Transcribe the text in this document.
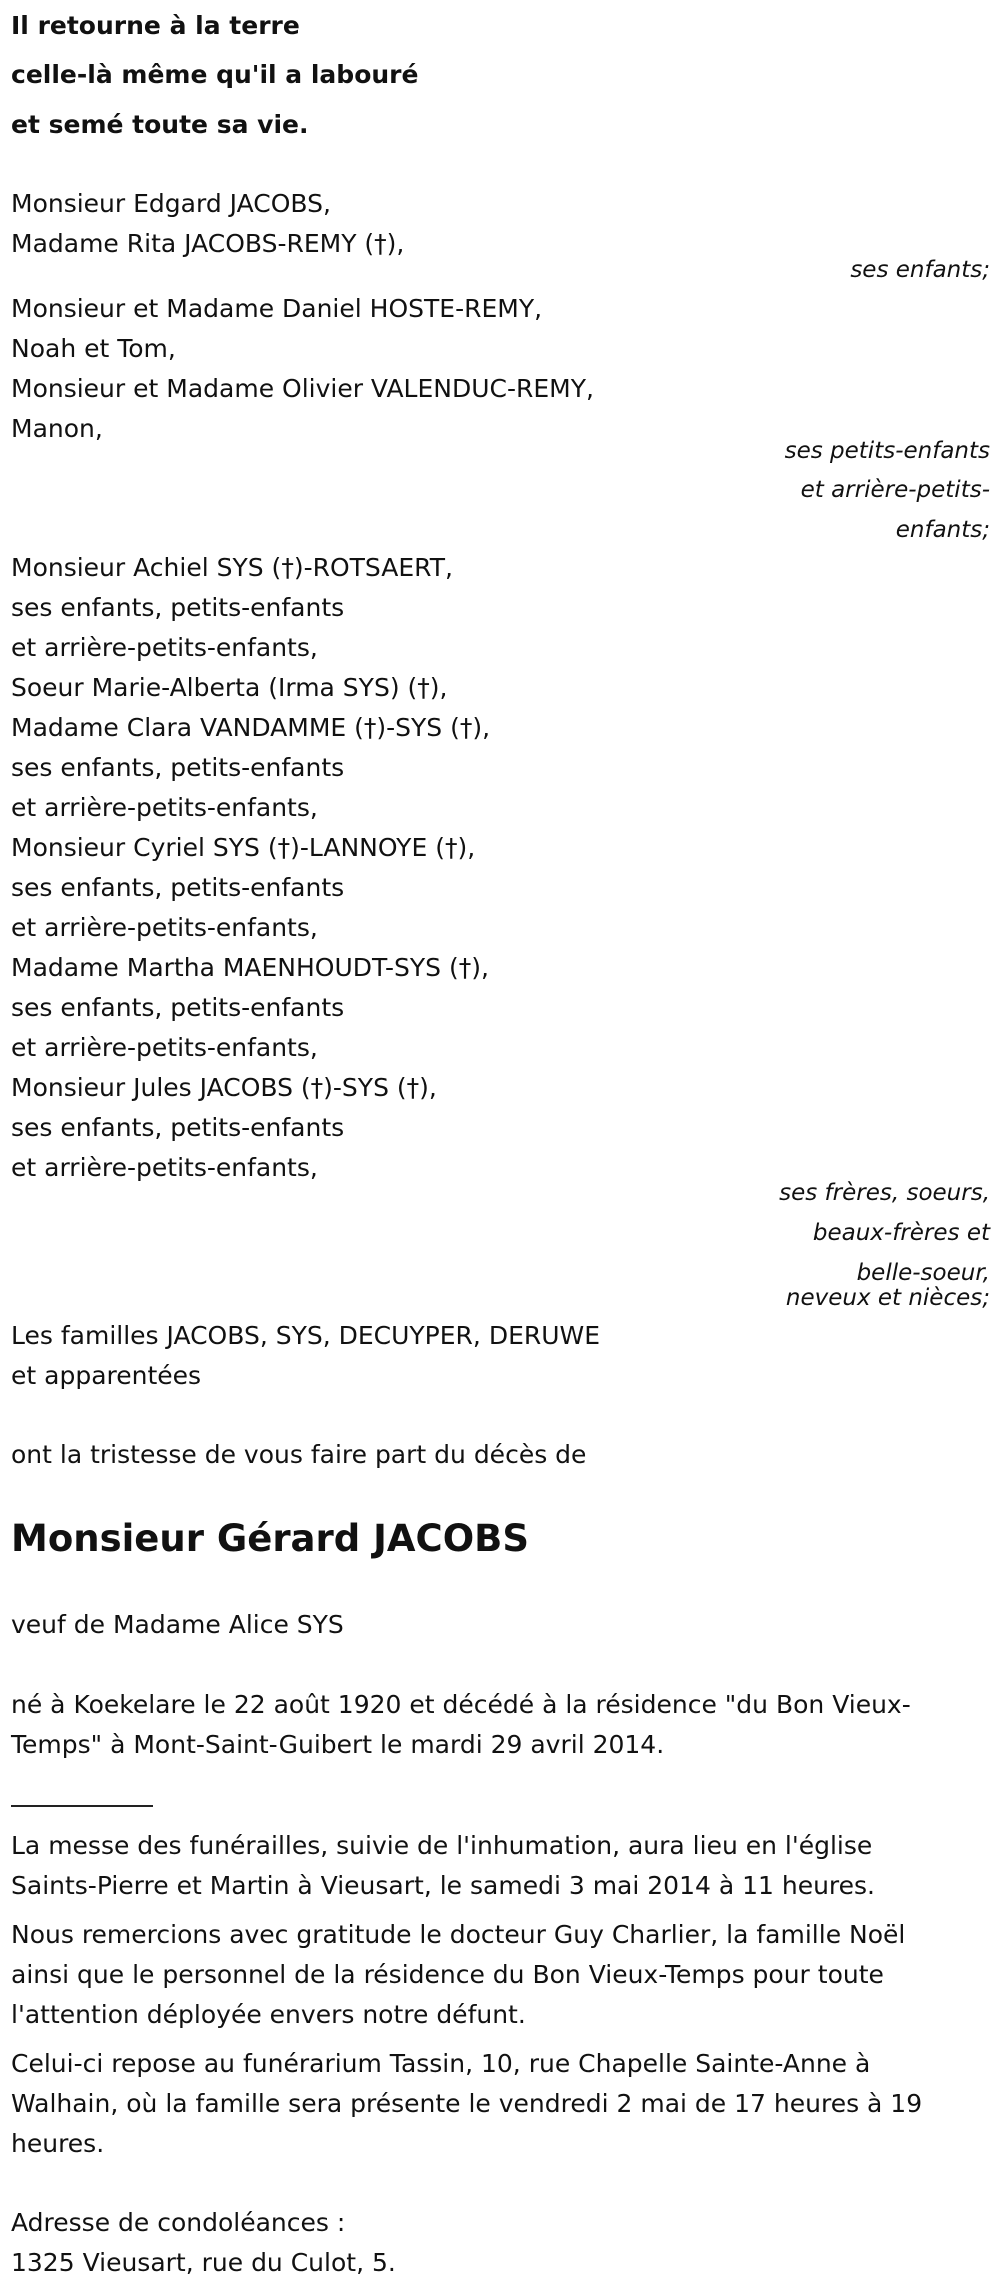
Il retourne à la terre

celle-là même qu'il a labouré

et semé toute sa vie.

Monsieur Edgard JACOBS,

Madame Rita JACOBS-REMY (†),

ses enfants;

Monsieur et Madame Daniel HOSTE-REMY,

Noah et Tom,

Monsieur et Madame Olivier VALENDUC-REMY,

Manon,

ses petits-enfants

et arrière-petits-

enfants;

Monsieur Achiel SYS (†)-ROTSAERT,

ses enfants, petits-enfants

et arrière-petits-enfants,

Soeur Marie-Alberta (Irma SYS) (†),

Madame Clara VANDAMME (†)-SYS (†),

ses enfants, petits-enfants

et arrière-petits-enfants,

Monsieur Cyriel SYS (†)-LANNOYE (†),

ses enfants, petits-enfants

et arrière-petits-enfants,

Madame Martha MAENHOUDT-SYS (†),

ses enfants, petits-enfants

et arrière-petits-enfants,

Monsieur Jules JACOBS (†)-SYS (†),

ses enfants, petits-enfants

et arrière-petits-enfants,

ses frères, soeurs,

beaux-frères et

belle-soeur,

neveux et nièces;

Les familles JACOBS, SYS, DECUYPER, DERUWE

et apparentées

ont la tristesse de vous faire part du décès de

Monsieur Gérard JACOBS

veuf de Madame Alice SYS

né à Koekelare le 22 août 1920 et décédé à la résidence "du Bon Vieux-

Temps" à Mont-Saint-Guibert le mardi 29 avril 2014.

La messe des funérailles, suivie de l'inhumation, aura lieu en l'église

Saints-Pierre et Martin à Vieusart, le samedi 3 mai 2014 à 11 heures.

Nous remercions avec gratitude le docteur Guy Charlier, la famille Noël

ainsi que le personnel de la résidence du Bon Vieux-Temps pour toute

l'attention déployée envers notre défunt.

Celui-ci repose au funérarium Tassin, 10, rue Chapelle Sainte-Anne à

Walhain, où la famille sera présente le vendredi 2 mai de 17 heures à 19

heures.

Adresse de condoléances :

1325 Vieusart, rue du Culot, 5.
